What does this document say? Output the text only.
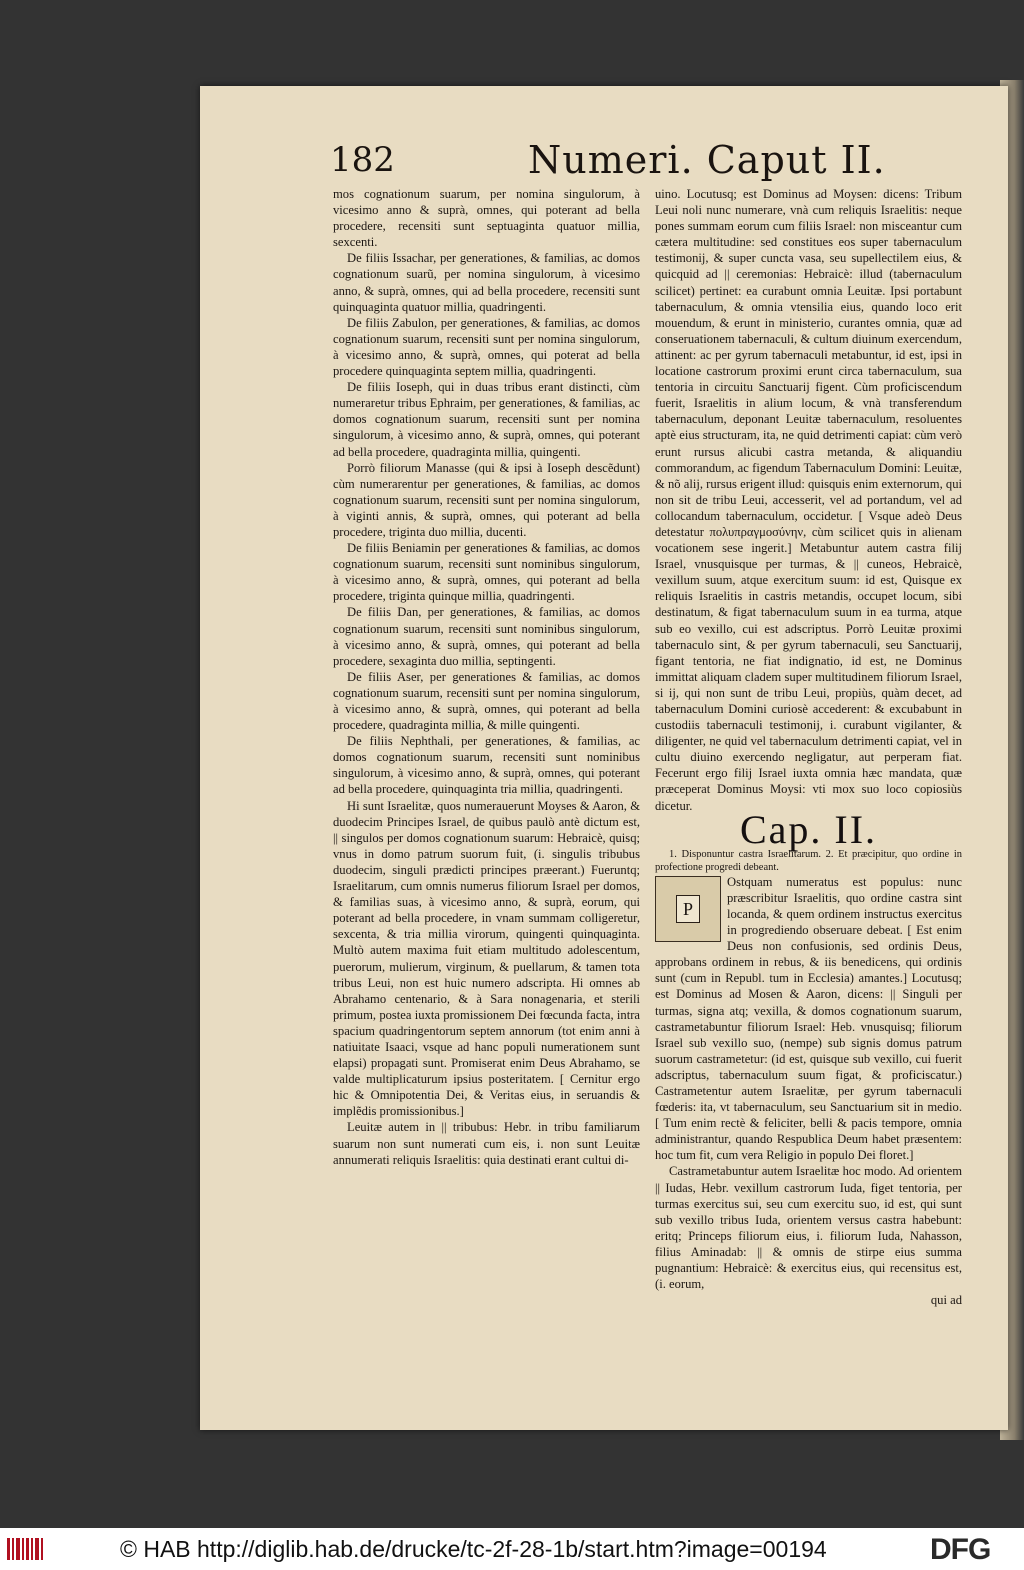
182	Numeri. Caput II.

mos cognationum suarum, per nomina singulorum, à vicesimo anno & suprà, omnes, qui poterant ad bella procedere, recensiti sunt septuaginta quatuor millia, sexcenti.

De filiis Issachar, per generationes, & familias, ac domos cognationum suarũ, per nomina singulorum, à vicesimo anno, & suprà, omnes, qui ad bella procedere, recensiti sunt quinquaginta quatuor millia, quadringenti.

De filiis Zabulon, per generationes, & familias, ac domos cognationum suarum, recensiti sunt per nomina singulorum, à vicesimo anno, & suprà, omnes, qui poterat ad bella procedere quinquaginta septem millia, quadringenti.

De filiis Ioseph, qui in duas tribus erant distincti, cùm numeraretur tribus Ephraim, per generationes, & familias, ac domos cognationum suarum, recensiti sunt per nomina singulorum, à vicesimo anno, & suprà, omnes, qui poterant ad bella procedere, quadraginta millia, quingenti.

Porrò filiorum Manasse (qui & ipsi à Ioseph descẽdunt) cùm numerarentur per generationes, & familias, ac domos cognationum suarum, recensiti sunt per nomina singulorum, à viginti annis, & suprà, omnes, qui poterant ad bella procedere, triginta duo millia, ducenti.

De filiis Beniamin per generationes & familias, ac domos cognationum suarum, recensiti sunt nominibus singulorum, à vicesimo anno, & suprà, omnes, qui poterant ad bella procedere, triginta quinque millia, quadringenti.

De filiis Dan, per generationes, & familias, ac domos cognationum suarum, recensiti sunt nominibus singulorum, à vicesimo anno, & suprà, omnes, qui poterant ad bella procedere, sexaginta duo millia, septingenti.

De filiis Aser, per generationes & familias, ac domos cognationum suarum, recensiti sunt per nomina singulorum, à vicesimo anno, & suprà, omnes, qui poterant ad bella procedere, quadraginta millia, & mille quingenti.

De filiis Nephthali, per generationes, & familias, ac domos cognationum suarum, recensiti sunt nominibus singulorum, à vicesimo anno, & suprà, omnes, qui poterant ad bella procedere, quinquaginta tria millia, quadringenti.

Hi sunt Israelitæ, quos numerauerunt Moyses & Aaron, & duodecim Principes Israel, de quibus paulò antè dictum est, || singulos per domos cognationum suarum: Hebraicè, quisq; vnus in domo patrum suorum fuit, (i. singulis tribubus duodecim, singuli prædicti principes præerant.) Fueruntq; Israelitarum, cum omnis numerus filiorum Israel per domos, & familias suas, à vicesimo anno, & suprà, eorum, qui poterant ad bella procedere, in vnam summam colligeretur, sexcenta, & tria millia virorum, quingenti quinquaginta. Multò autem maxima fuit etiam multitudo adolescentum, puerorum, mulierum, virginum, & puellarum, & tamen tota tribus Leui, non est huic numero adscripta. Hi omnes ab Abrahamo centenario, & à Sara nonagenaria, et sterili primum, postea iuxta promissionem Dei fœcunda facta, intra spacium quadringentorum septem annorum (tot enim anni à natiuitate Isaaci, vsque ad hanc populi numerationem sunt elapsi) propagati sunt. Promiserat enim Deus Abrahamo, se valde multiplicaturum ipsius posteritatem. [ Cernitur ergo hic & Omnipotentia Dei, & Veritas eius, in seruandis & implẽdis promissionibus.]

Leuitæ autem in || tribubus: Hebr. in tribu familiarum suarum non sunt numerati cum eis, i. non sunt Leuitæ annumerati reliquis Israelitis: quia destinati erant cultui di-

uino. Locutusq; est Dominus ad Moysen: dicens: Tribum Leui noli nunc numerare, vnà cum reliquis Israelitis: neque pones summam eorum cum filiis Israel: non misceantur cum cætera multitudine: sed constitues eos super tabernaculum testimonij, & super cuncta vasa, seu supellectilem eius, & quicquid ad || ceremonias: Hebraicè: illud (tabernaculum scilicet) pertinet: ea curabunt omnia Leuitæ. Ipsi portabunt tabernaculum, & omnia vtensilia eius, quando loco erit mouendum, & erunt in ministerio, curantes omnia, quæ ad conseruationem tabernaculi, & cultum diuinum exercendum, attinent: ac per gyrum tabernaculi metabuntur, id est, ipsi in locatione castrorum proximi erunt circa tabernaculum, sua tentoria in circuitu Sanctuarij figent. Cùm proficiscendum fuerit, Israelitis in alium locum, & vnà transferendum tabernaculum, deponant Leuitæ tabernaculum, resoluentes aptè eius structuram, ita, ne quid detrimenti capiat: cùm verò erunt rursus alicubi castra metanda, & aliquandiu commorandum, ac figendum Tabernaculum Domini: Leuitæ, & nõ alij, rursus erigent illud: quisquis enim externorum, qui non sit de tribu Leui, accesserit, vel ad portandum, vel ad collocandum tabernaculum, occidetur. [ Vsque adeò Deus detestatur πολυπραγμοσύνην, cùm scilicet quis in alienam vocationem sese ingerit.] Metabuntur autem castra filij Israel, vnusquisque per turmas, & || cuneos, Hebraicè, vexillum suum, atque exercitum suum: id est, Quisque ex reliquis Israelitis in castris metandis, occupet locum, sibi destinatum, & figat tabernaculum suum in ea turma, atque sub eo vexillo, cui est adscriptus. Porrò Leuitæ proximi tabernaculo sint, & per gyrum tabernaculi, seu Sanctuarij, figant tentoria, ne fiat indignatio, id est, ne Dominus immittat aliquam cladem super multitudinem filiorum Israel, si ij, qui non sunt de tribu Leui, propiùs, quàm decet, ad tabernaculum Domini curiosè accederent: & excubabunt in custodiis tabernaculi testimonij, i. curabunt vigilanter, & diligenter, ne quid vel tabernaculum detrimenti capiat, vel in cultu diuino exercendo negligatur, aut perperam fiat. Fecerunt ergo filij Israel iuxta omnia hæc mandata, quæ præceperat Dominus Moysi: vti mox suo loco copiosiùs dicetur.

Cap. II.

1. Disponuntur castra Israelitarum. 2. Et præcipitur, quo ordine in profectione progredi debeant.

P

Ostquam numeratus est populus: nunc præscribitur Israelitis, quo ordine castra sint locanda, & quem ordinem instructus exercitus in progrediendo obseruare debeat. [ Est enim Deus non confusionis, sed ordinis Deus, approbans ordinem in rebus, & iis benedicens, qui ordinis sunt (cum in Republ. tum in Ecclesia) amantes.] Locutusq; est Dominus ad Mosen & Aaron, dicens: || Singuli per turmas, signa atq; vexilla, & domos cognationum suarum, castrametabuntur filiorum Israel: Heb. vnusquisq; filiorum Israel sub vexillo suo, (nempe) sub signis domus patrum suorum castrametetur: (id est, quisque sub vexillo, cui fuerit adscriptus, tabernaculum suum figat, & proficiscatur.) Castrametentur autem Israelitæ, per gyrum tabernaculi fœderis: ita, vt tabernaculum, seu Sanctuarium sit in medio. [ Tum enim rectè & feliciter, belli & pacis tempore, omnia administrantur, quando Respublica Deum habet præsentem: hoc tum fit, cum vera Religio in populo Dei floret.]

Castrametabuntur autem Israelitæ hoc modo. Ad orientem || Iudas, Hebr. vexillum castrorum Iuda, figet tentoria, per turmas exercitus sui, seu cum exercitu suo, id est, qui sunt sub vexillo tribus Iuda, orientem versus castra habebunt: eritq; Princeps filiorum eius, i. filiorum Iuda, Nahasson, filius Aminadab: || & omnis de stirpe eius summa pugnantium: Hebraicè: & exercitus eius, qui recensitus est, (i. eorum,

qui ad

© HAB http://diglib.hab.de/drucke/tc-2f-28-1b/start.htm?image=00194	DFG
